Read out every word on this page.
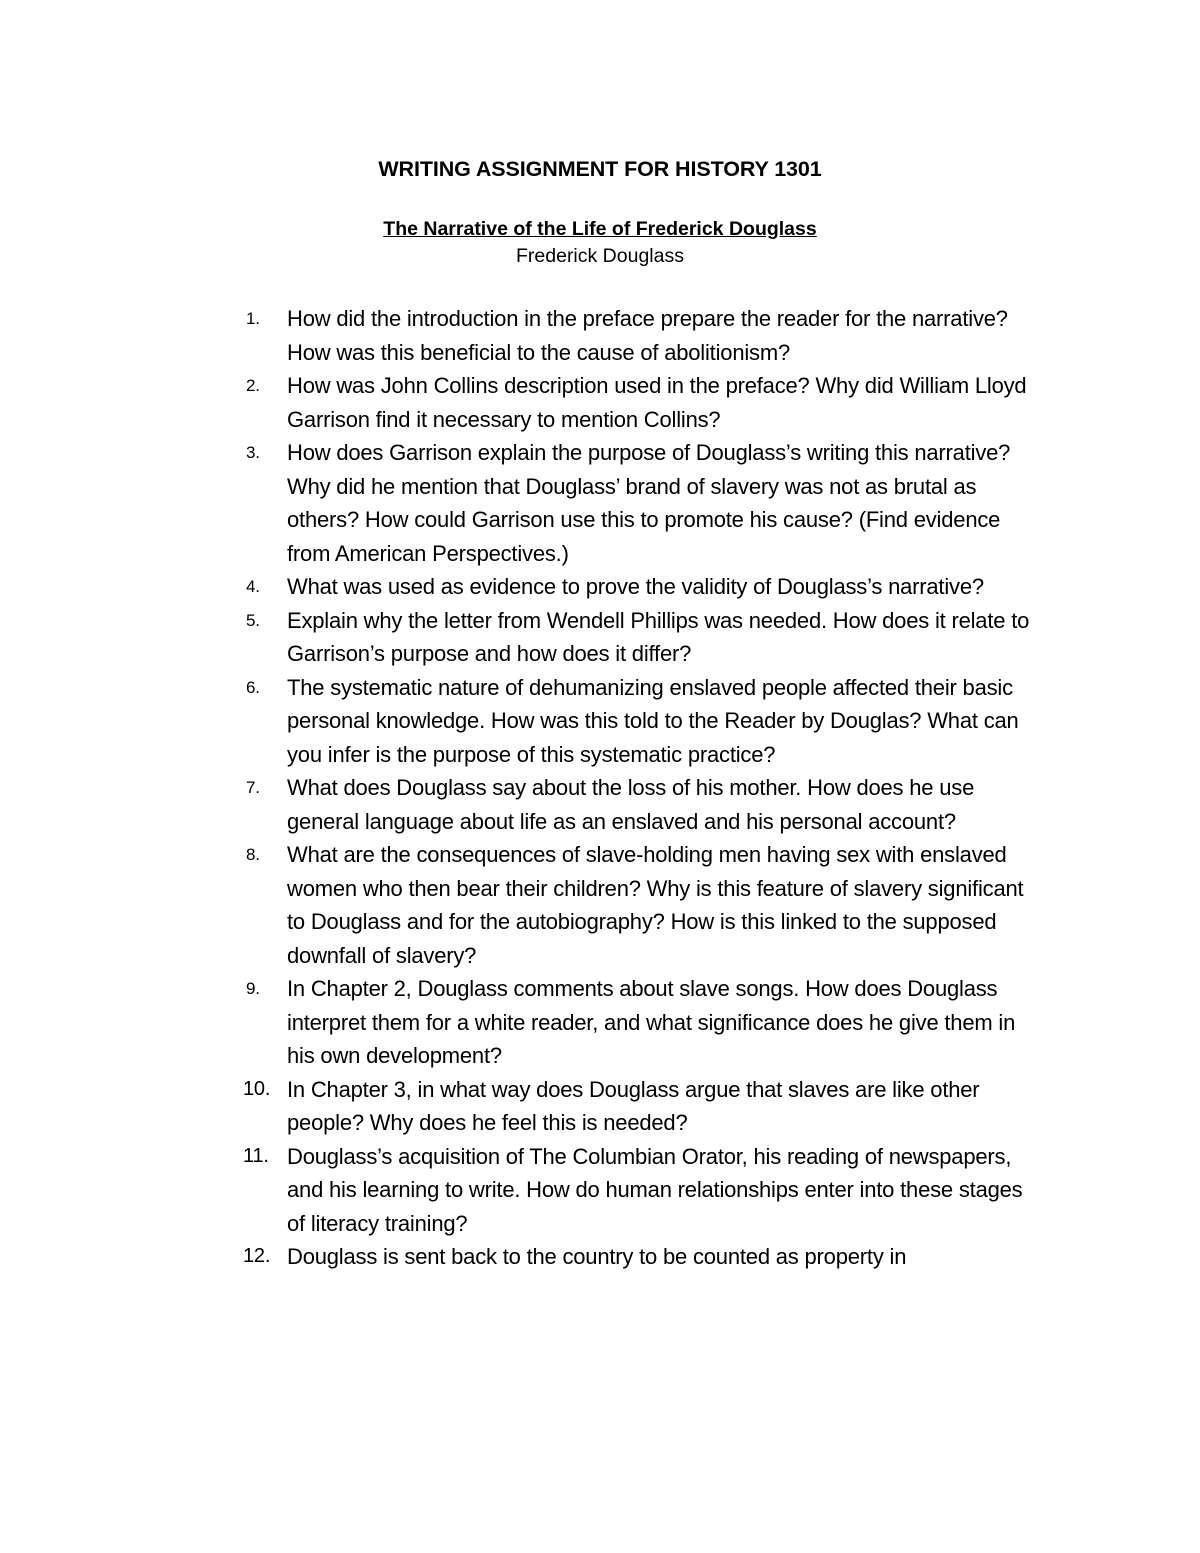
WRITING ASSIGNMENT FOR HISTORY 1301
The Narrative of the Life of Frederick Douglass

Frederick Douglass

1.	How did the introduction in the preface prepare the reader for the narrative? How was this beneficial to the cause of abolitionism?
2.	How was John Collins description used in the preface? Why did William Lloyd Garrison find it necessary to mention Collins?
3.	How does Garrison explain the purpose of Douglass’s writing this narrative? Why did he mention that Douglass’ brand of slavery was not as brutal as others? How could Garrison use this to promote his cause? (Find evidence from American Perspectives.)
4.	What was used as evidence to prove the validity of Douglass’s narrative?
5.	Explain why the letter from Wendell Phillips was needed. How does it relate to Garrison’s purpose and how does it differ?
6.	The systematic nature of dehumanizing enslaved people affected their basic personal knowledge. How was this told to the Reader by Douglas? What can you infer is the purpose of this systematic practice?
7.	What does Douglass say about the loss of his mother. How does he use general language about life as an enslaved and his personal account?
8.	What are the consequences of slave-holding men having sex with enslaved women who then bear their children? Why is this feature of slavery significant to Douglass and for the autobiography? How is this linked to the supposed downfall of slavery?
9.	In Chapter 2, Douglass comments about slave songs. How does Douglass interpret them for a white reader, and what significance does he give them in his own development?
10. In Chapter 3, in what way does Douglass argue that slaves are like other people? Why does he feel this is needed?
11. Douglass’s acquisition of The Columbian Orator, his reading of newspapers, and his learning to write. How do human relationships enter into these stages of literacy training?
12. Douglass is sent back to the country to be counted as property in
